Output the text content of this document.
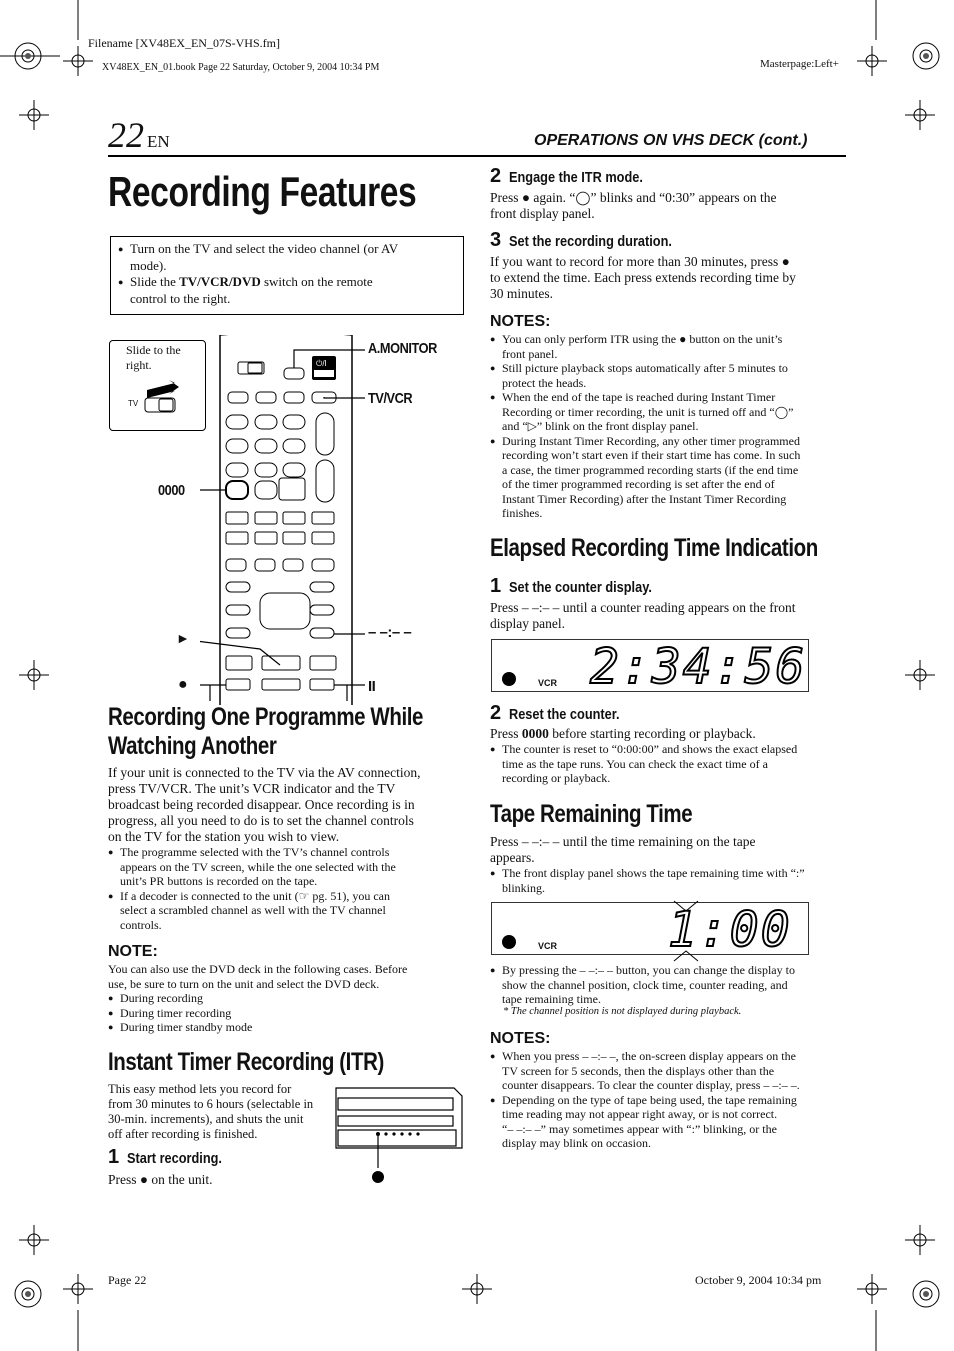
Filename [XV48EX_EN_07S-VHS.fm]
XV48EX_EN_01.book Page 22 Saturday, October 9, 2004 10:34 PM	Masterpage:Left+
22 EN	OPERATIONS ON VHS DECK (cont.)
Recording Features
● Turn on the TV and select the video channel (or AV
mode).
● Slide the TV/VCR/DVD switch on the remote
control to the right.
Slide to the
right.
TV
⏻/I
A.MONITOR
TV/VCR
0000
– –:– –
►
●	II
Recording One Programme While
Watching Another
If your unit is connected to the TV via the AV connection,
press TV/VCR. The unit’s VCR indicator and the TV
broadcast being recorded disappear. Once recording is in
progress, all you need to do is to set the channel controls
on the TV for the station you wish to view.
● The programme selected with the TV’s channel controls
appears on the TV screen, while the one selected with the
unit’s PR buttons is recorded on the tape.
● If a decoder is connected to the unit (☞ pg. 51), you can
select a scrambled channel as well with the TV channel
controls.
NOTE:
You can also use the DVD deck in the following cases. Before
use, be sure to turn on the unit and select the DVD deck.
● During recording
● During timer recording
● During timer standby mode
Instant Timer Recording (ITR)
This easy method lets you record for
from 30 minutes to 6 hours (selectable in
30-min. increments), and shuts the unit
off after recording is finished.
1 Start recording.
Press ● on the unit.
2 Engage the ITR mode.
Press ● again. “◯” blinks and “0:30” appears on the
front display panel.
3 Set the recording duration.
If you want to record for more than 30 minutes, press ●
to extend the time. Each press extends recording time by
30 minutes.
NOTES:
● You can only perform ITR using the ● button on the unit’s
front panel.
● Still picture playback stops automatically after 5 minutes to
protect the heads.
● When the end of the tape is reached during Instant Timer
Recording or timer recording, the unit is turned off and “◯”
and “▷” blink on the front display panel.
● During Instant Timer Recording, any other timer programmed
recording won’t start even if their start time has come. In such
a case, the timer programmed recording starts (if the end time
of the timer programmed recording is set after the end of
Instant Timer Recording) after the Instant Timer Recording
finishes.
Elapsed Recording Time Indication
1 Set the counter display.
Press – –:– – until a counter reading appears on the front
display panel.
VCR 2:34:56
2 Reset the counter.
Press 0000 before starting recording or playback.
● The counter is reset to “0:00:00” and shows the exact elapsed
time as the tape runs. You can check the exact time of a
recording or playback.
Tape Remaining Time
Press – –:– – until the time remaining on the tape
appears.
● The front display panel shows the tape remaining time with “:”
blinking.
VCR 1:00
● By pressing the – –:– – button, you can change the display to
show the channel position, clock time, counter reading, and
tape remaining time.
* The channel position is not displayed during playback.
NOTES:
● When you press – –:– –, the on-screen display appears on the
TV screen for 5 seconds, then the displays other than the
counter disappears. To clear the counter display, press – –:– –.
● Depending on the type of tape being used, the tape remaining
time reading may not appear right away, or is not correct.
“– –:– –” may sometimes appear with “:” blinking, or the
display may blink on occasion.
Page 22	October 9, 2004 10:34 pm
